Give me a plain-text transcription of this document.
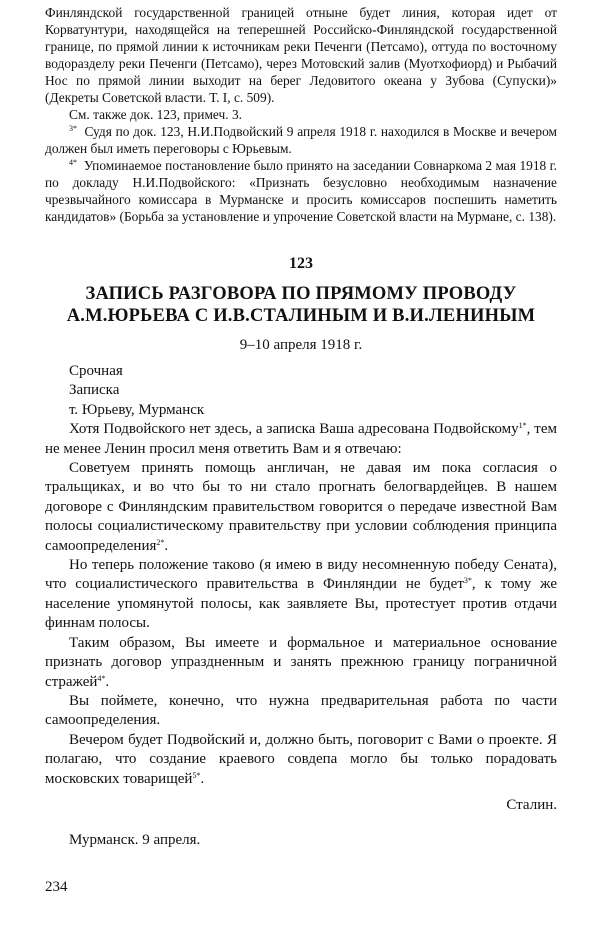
Финляндской государственной границей отныне будет линия, которая идет от Корватунтури, находящейся на теперешней Российско-Финляндской государственной границе, по прямой линии к источникам реки Печенги (Петсамо), оттуда по восточному водоразделу реки Печенги (Петсамо), через Мотовский залив (Муотхофиорд) и Рыбачий Нос по прямой линии выходит на берег Ледовитого океана у Зубова (Супуски)» (Декреты Советской власти. Т. I, с. 509).

См. также док. 123, примеч. 3.

$^{3*}$ Судя по док. 123, Н.И.Подвойский 9 апреля 1918 г. находился в Москве и вечером должен был иметь переговоры с Юрьевым.

$^{4*}$ Упоминаемое постановление было принято на заседании Совнаркома 2 мая 1918 г. по докладу Н.И.Подвойского: «Признать безусловно необходимым назначение чрезвычайного комиссара в Мурманске и просить комиссаров поспешить наметить кандидатов» (Борьба за установление и упрочение Советской власти на Мурмане, с. 138).

123
ЗАПИСЬ РАЗГОВОРА ПО ПРЯМОМУ ПРОВОДУ
А.М.ЮРЬЕВА С И.В.СТАЛИНЫМ И В.И.ЛЕНИНЫМ
9–10 апреля 1918 г.

Срочная

Записка

т. Юрьеву, Мурманск

Хотя Подвойского нет здесь, а записка Ваша адресована Подвойскому$^{1*}$, тем не менее Ленин просил меня ответить Вам и я отвечаю:

Советуем принять помощь англичан, не давая им пока согласия о тральщиках, и во что бы то ни стало прогнать белогвардейцев. В нашем договоре с Финляндским правительством говорится о передаче известной Вам полосы социалистическому правительству при условии соблюдения принципа самоопределения$^{2*}$.

Но теперь положение таково (я имею в виду несомненную победу Сената), что социалистического правительства в Финляндии не будет$^{3*}$, к тому же население упомянутой полосы, как заявляете Вы, протестует против отдачи финнам полосы.

Таким образом, Вы имеете и формальное и материальное основание признать договор упраздненным и занять прежнюю границу пограничной стражей$^{4*}$.

Вы поймете, конечно, что нужна предварительная работа по части самоопределения.

Вечером будет Подвойский и, должно быть, поговорит с Вами о проекте. Я полагаю, что создание краевого совдепа могло бы только порадовать московских товарищей$^{5*}$.

Сталин.
Мурманск. 9 апреля.
234
